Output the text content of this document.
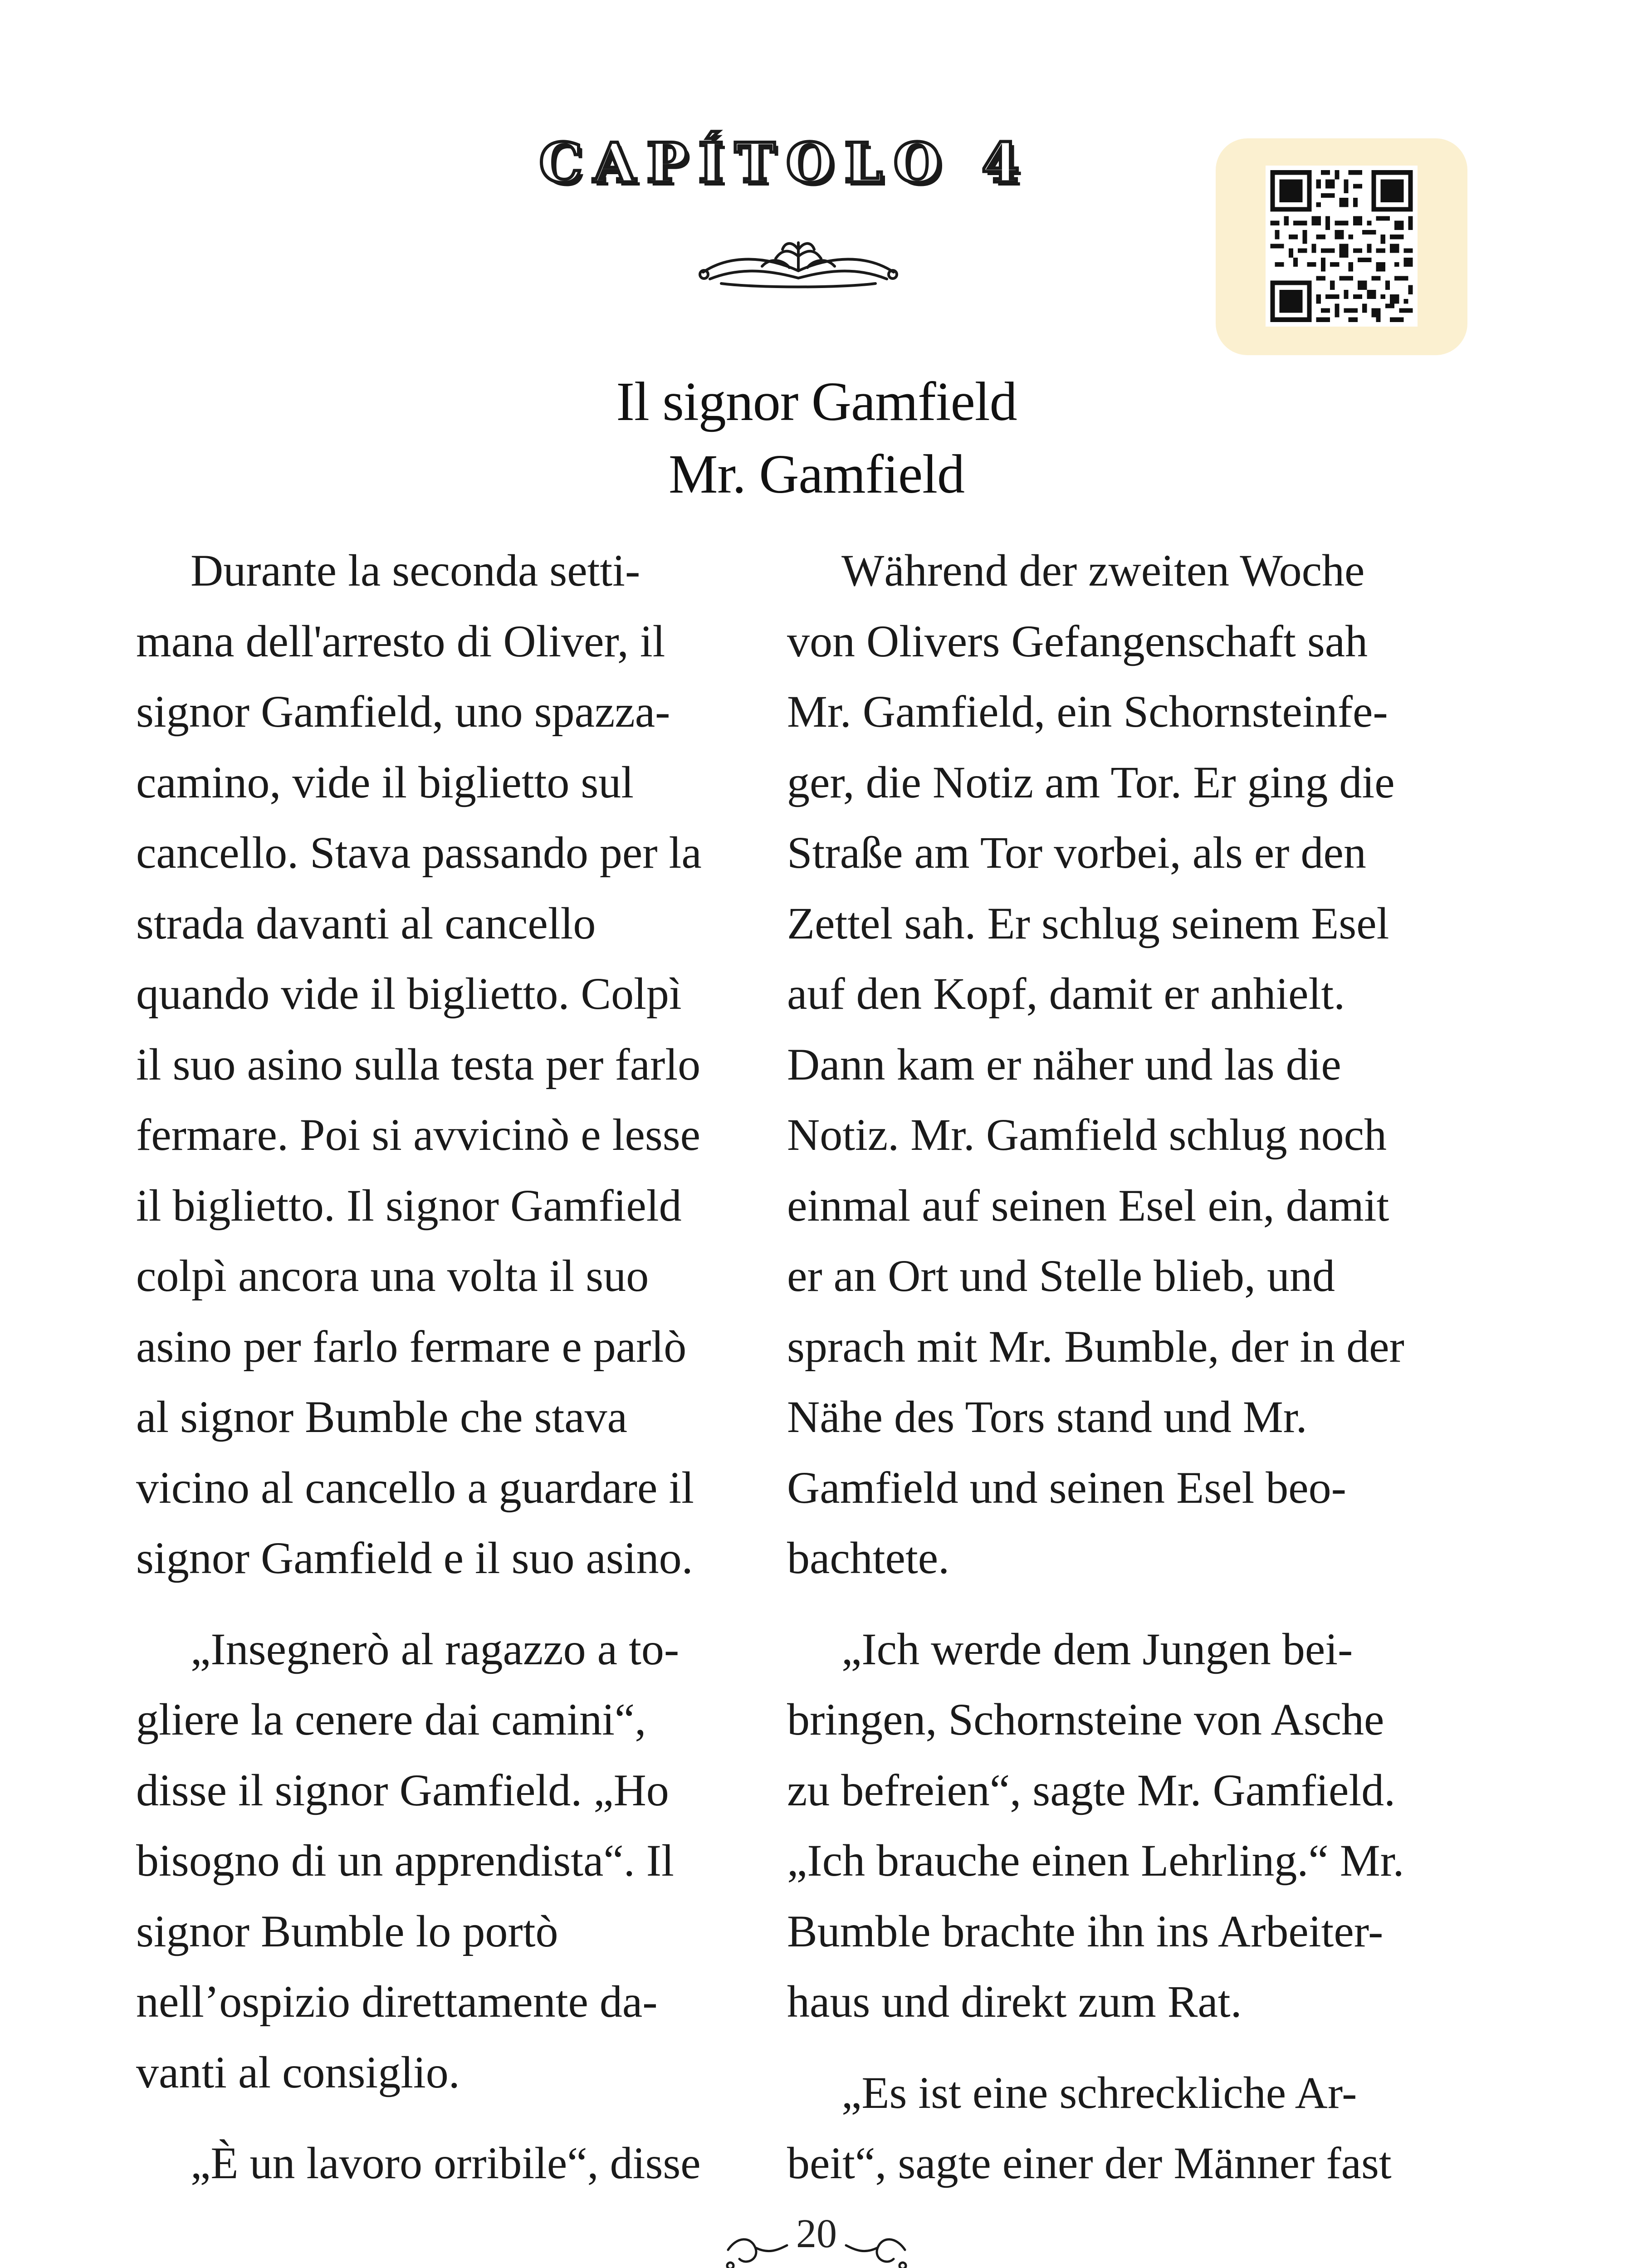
CAPÍTOLO 4
Il signor Gamfield
Mr. Gamfield
Durante la seconda setti-
mana dell'arresto di Oliver, il
signor Gamfield, uno spazza-
camino, vide il biglietto sul
cancello. Stava passando per la
strada davanti al cancello
quando vide il biglietto. Colpì
il suo asino sulla testa per farlo
fermare. Poi si avvicinò e lesse
il biglietto. Il signor Gamfield
colpì ancora una volta il suo
asino per farlo fermare e parlò
al signor Bumble che stava
vicino al cancello a guardare il
signor Gamfield e il suo asino.
„Insegnerò al ragazzo a to-
gliere la cenere dai camini“,
disse il signor Gamfield. „Ho
bisogno di un apprendista“. Il
signor Bumble lo portò
nell’ospizio direttamente da-
vanti al consiglio.
„È un lavoro orribile“, disse
Während der zweiten Woche
von Olivers Gefangenschaft sah
Mr. Gamfield, ein Schornsteinfe-
ger, die Notiz am Tor. Er ging die
Straße am Tor vorbei, als er den
Zettel sah. Er schlug seinem Esel
auf den Kopf, damit er anhielt.
Dann kam er näher und las die
Notiz. Mr. Gamfield schlug noch
einmal auf seinen Esel ein, damit
er an Ort und Stelle blieb, und
sprach mit Mr. Bumble, der in der
Nähe des Tors stand und Mr.
Gamfield und seinen Esel beo-
bachtete.
„Ich werde dem Jungen bei-
bringen, Schornsteine von Asche
zu befreien“, sagte Mr. Gamfield.
„Ich brauche einen Lehrling.“ Mr.
Bumble brachte ihn ins Arbeiter-
haus und direkt zum Rat.
„Es ist eine schreckliche Ar-
beit“, sagte einer der Männer fast
20
